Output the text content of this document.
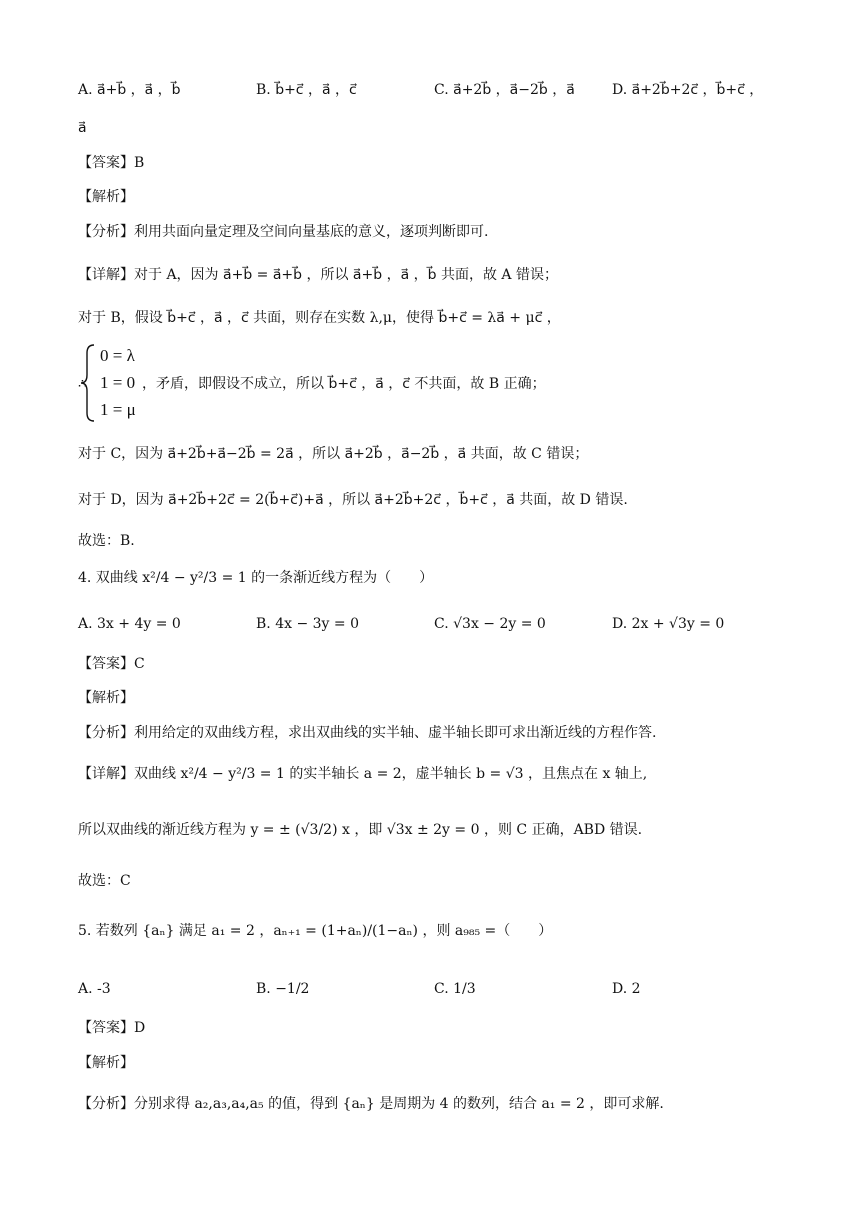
A. a⃗+b⃗ ，a⃗ ，b⃗	B. b⃗+c⃗ ，a⃗ ，c⃗	C. a⃗+2b⃗ ，a⃗−2b⃗ ，a⃗	D. a⃗+2b⃗+2c⃗ ，b⃗+c⃗ ，
a⃗
【答案】B
【解析】
【分析】利用共面向量定理及空间向量基底的意义，逐项判断即可.
【详解】对于 A，因为 a⃗+b⃗ = a⃗+b⃗ ，所以 a⃗+b⃗ ，a⃗ ，b⃗ 共面，故 A 错误；
对于 B，假设 b⃗+c⃗ ，a⃗ ，c⃗ 共面，则存在实数 λ,μ，使得 b⃗+c⃗ = λa⃗ + μc⃗ ，
∴
0 = λ
1 = 0
1 = μ
，矛盾，即假设不成立，所以 b⃗+c⃗ ，a⃗ ，c⃗ 不共面，故 B 正确；
对于 C，因为 a⃗+2b⃗+a⃗−2b⃗ = 2a⃗ ，所以 a⃗+2b⃗ ，a⃗−2b⃗ ，a⃗ 共面，故 C 错误；
对于 D，因为 a⃗+2b⃗+2c⃗ = 2(b⃗+c⃗)+a⃗ ，所以 a⃗+2b⃗+2c⃗ ，b⃗+c⃗ ，a⃗ 共面，故 D 错误.
故选：B.
4. 双曲线 x²/4 − y²/3 = 1 的一条渐近线方程为（　　）
A. 3x + 4y = 0	B. 4x − 3y = 0	C. √3x − 2y = 0	D. 2x + √3y = 0
【答案】C
【解析】
【分析】利用给定的双曲线方程，求出双曲线的实半轴、虚半轴长即可求出渐近线的方程作答.
【详解】双曲线 x²/4 − y²/3 = 1 的实半轴长 a = 2，虚半轴长 b = √3 ，且焦点在 x 轴上,
所以双曲线的渐近线方程为 y = ± (√3/2) x ，即 √3x ± 2y = 0 ，则 C 正确，ABD 错误.
故选：C
5. 若数列 {aₙ} 满足 a₁ = 2 ，aₙ₊₁ = (1+aₙ)/(1−aₙ) ，则 a₉₈₅ =（　　）
A. -3	B. −1/2	C. 1/3	D. 2
【答案】D
【解析】
【分析】分别求得 a₂,a₃,a₄,a₅ 的值，得到 {aₙ} 是周期为 4 的数列，结合 a₁ = 2 ，即可求解.
